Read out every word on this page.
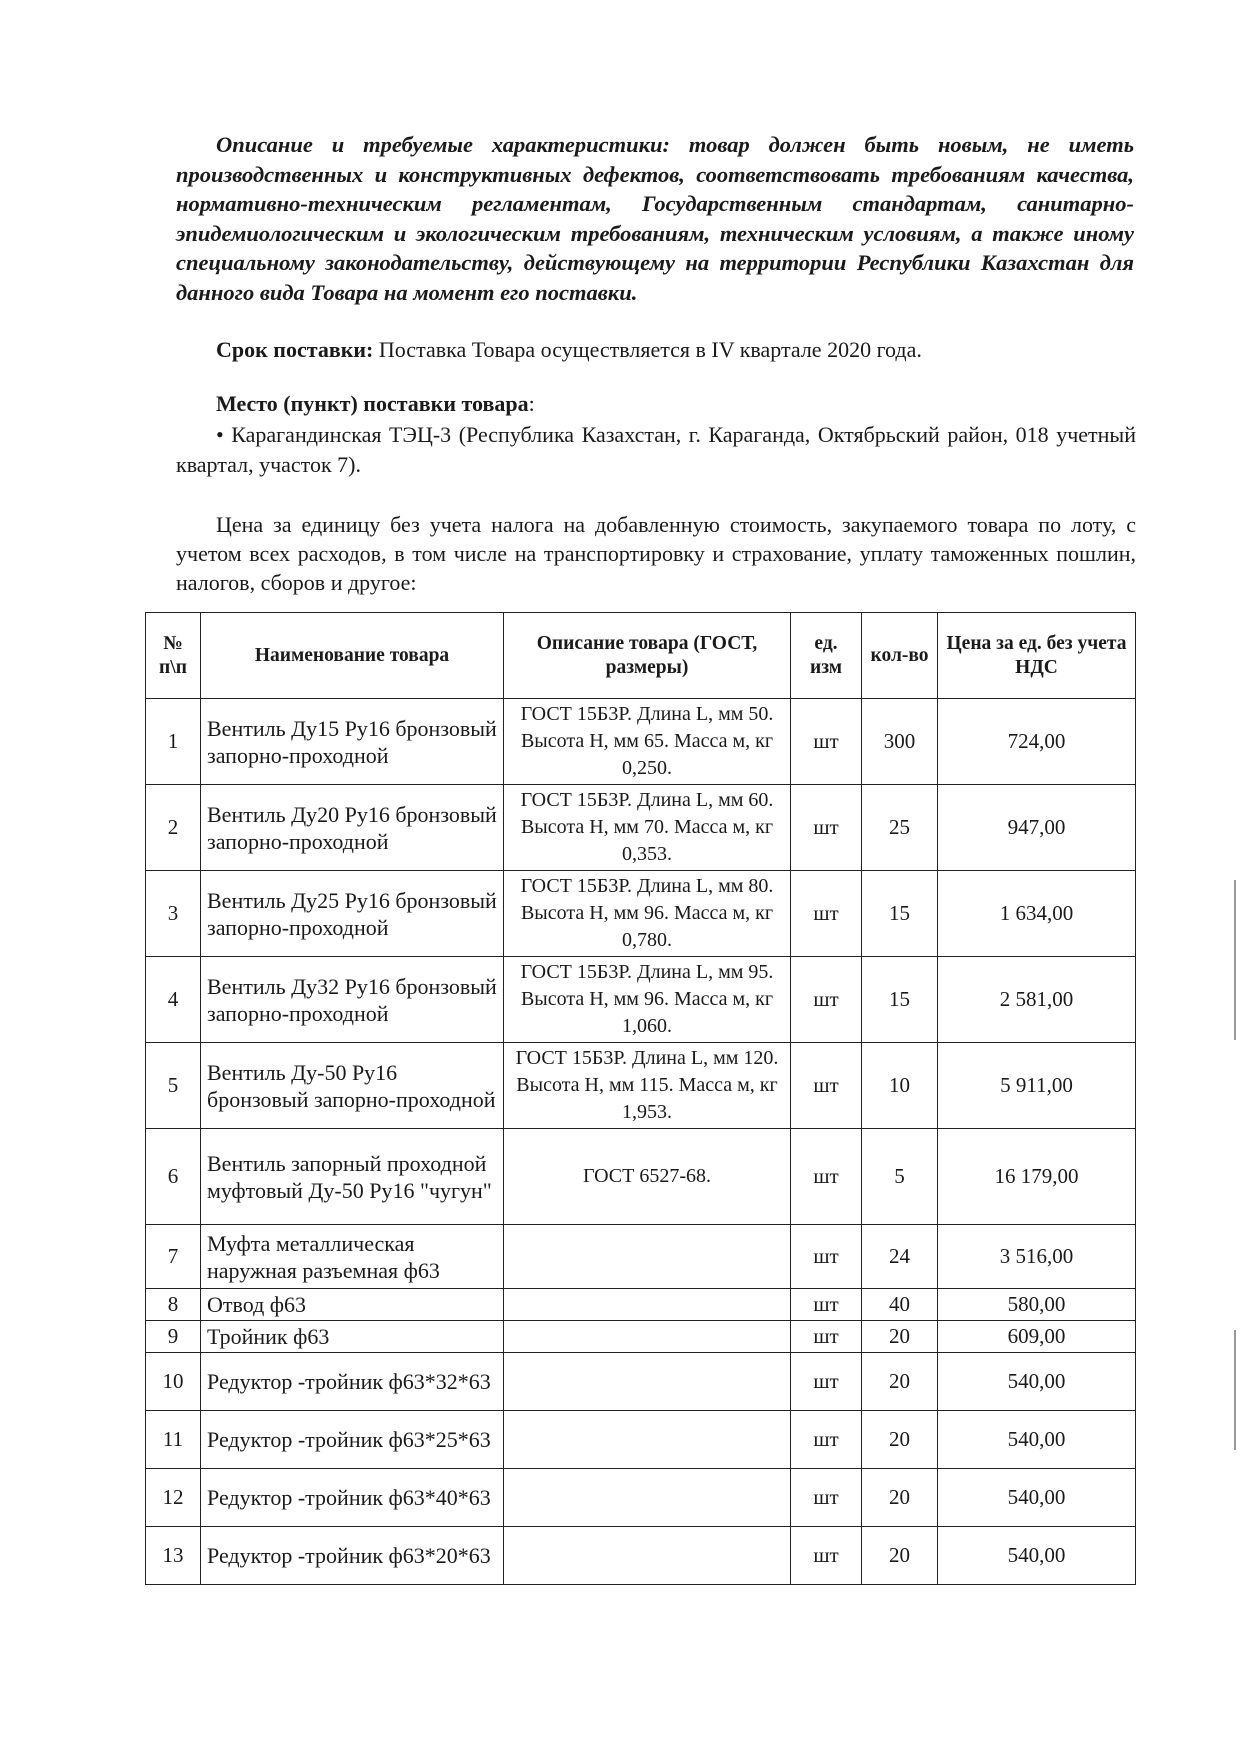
Описание и требуемые характеристики: товар должен быть новым, не иметь производственных и конструктивных дефектов, соответствовать требованиям качества, нормативно-техническим регламентам, Государственным стандартам, санитарно-эпидемиологическим и экологическим требованиям, техническим условиям, а также иному специальному законодательству, действующему на территории Республики Казахстан для данного вида Товара на момент его поставки.
Срок поставки: Поставка Товара осуществляется в IV квартале 2020 года.
Место (пункт) поставки товара:
• Карагандинская ТЭЦ-3 (Республика Казахстан, г. Караганда, Октябрьский район, 018 учетный квартал, участок 7).
Цена за единицу без учета налога на добавленную стоимость, закупаемого товара по лоту, с учетом всех расходов, в том числе на транспортировку и страхование, уплату таможенных пошлин, налогов, сборов и другое:
№ п\п	Наименование товара	Описание товара (ГОСТ, размеры)	ед. изм	кол-во	Цена за ед. без учета НДС
1	Вентиль Ду15 Ру16 бронзовый запорно-проходной	ГОСТ 15Б3Р. Длина L, мм 50. Высота H, мм 65. Масса м, кг 0,250.	шт	300	724,00
2	Вентиль Ду20 Ру16 бронзовый запорно-проходной	ГОСТ 15Б3Р. Длина L, мм 60. Высота H, мм 70. Масса м, кг 0,353.	шт	25	947,00
3	Вентиль Ду25 Ру16 бронзовый запорно-проходной	ГОСТ 15Б3Р. Длина L, мм 80. Высота H, мм 96. Масса м, кг 0,780.	шт	15	1 634,00
4	Вентиль Ду32 Ру16 бронзовый запорно-проходной	ГОСТ 15Б3Р. Длина L, мм 95. Высота H, мм 96. Масса м, кг 1,060.	шт	15	2 581,00
5	Вентиль Ду-50 Ру16 бронзовый запорно-проходной	ГОСТ 15Б3Р. Длина L, мм 120. Высота H, мм 115. Масса м, кг 1,953.	шт	10	5 911,00
6	Вентиль запорный проходной муфтовый Ду-50 Ру16 "чугун"	ГОСТ 6527-68.	шт	5	16 179,00
7	Муфта металлическая наружная разъемная ф63		шт	24	3 516,00
8	Отвод ф63		шт	40	580,00
9	Тройник ф63		шт	20	609,00
10	Редуктор -тройник ф63*32*63		шт	20	540,00
11	Редуктор -тройник ф63*25*63		шт	20	540,00
12	Редуктор -тройник ф63*40*63		шт	20	540,00
13	Редуктор -тройник ф63*20*63		шт	20	540,00
